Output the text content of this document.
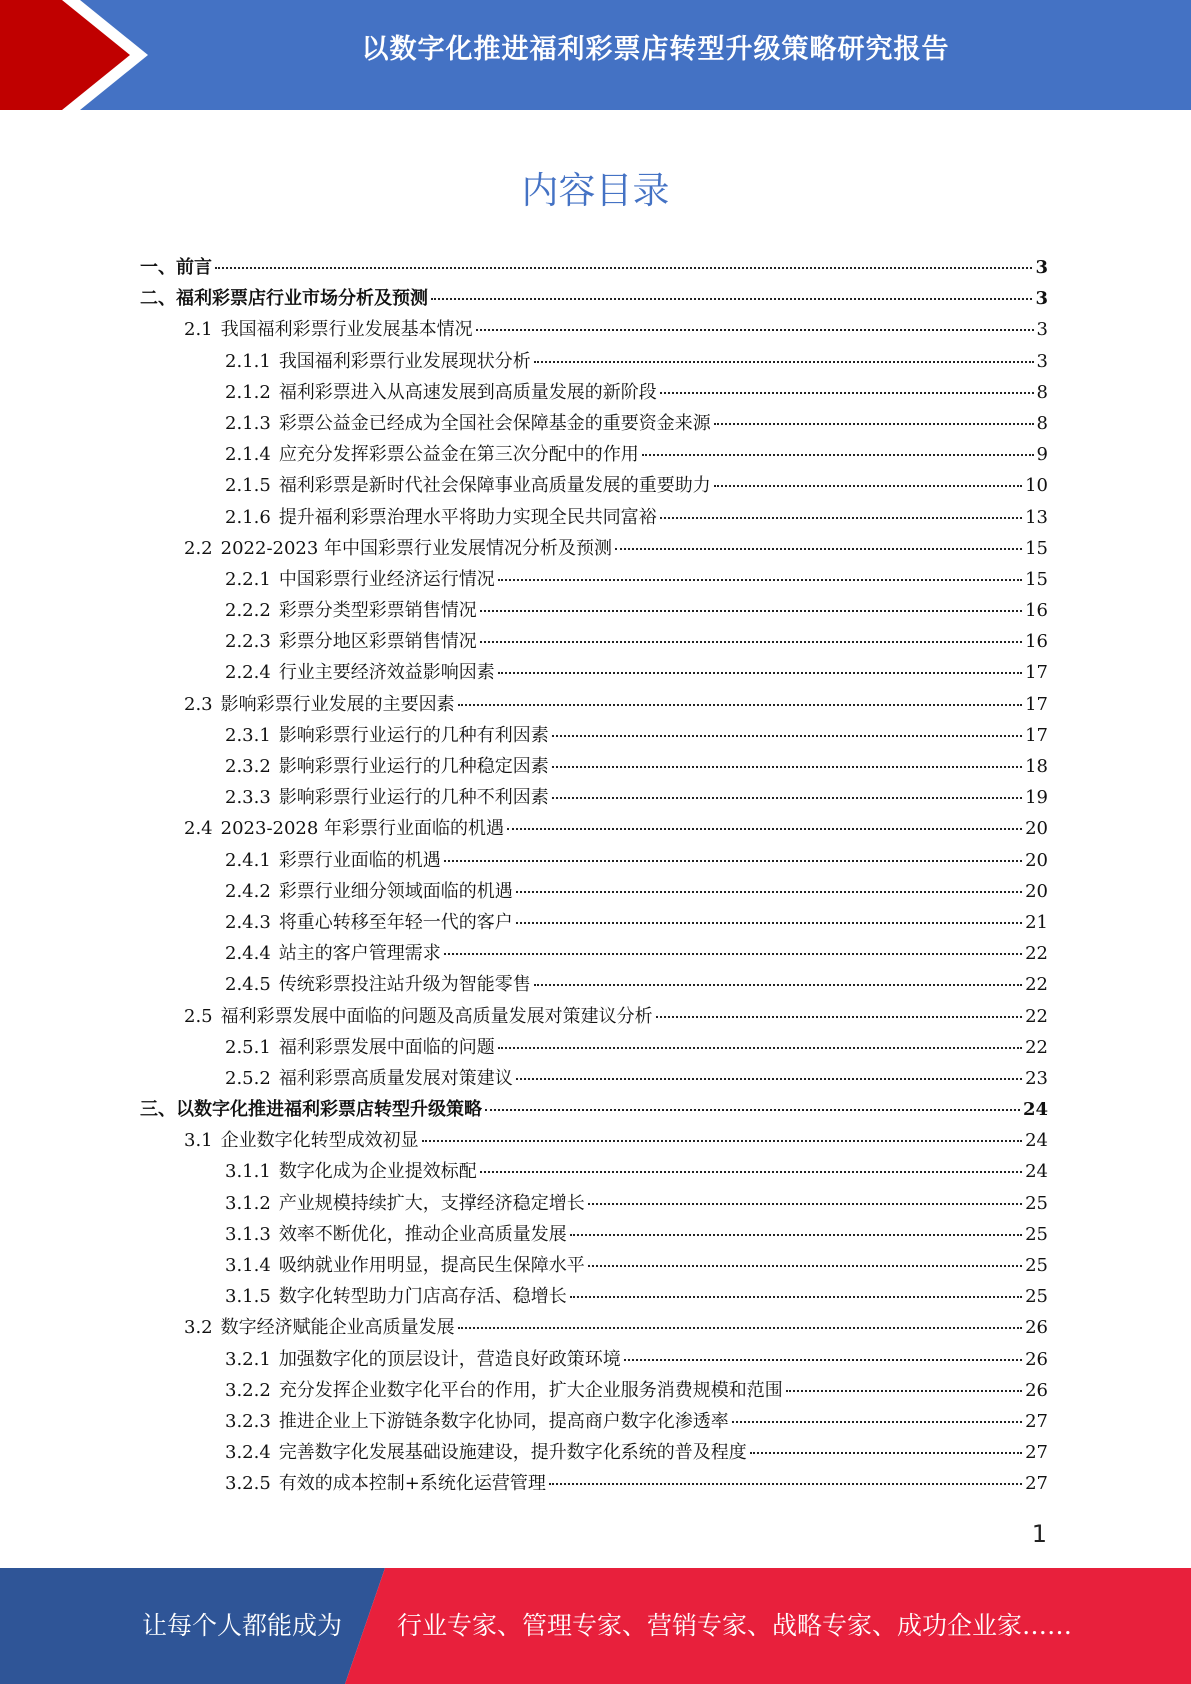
以数字化推进福利彩票店转型升级策略研究报告
内容目录
一、前言	3
二、福利彩票店行业市场分析及预测	3
2.1 我国福利彩票行业发展基本情况	3
2.1.1 我国福利彩票行业发展现状分析	3
2.1.2 福利彩票进入从高速发展到高质量发展的新阶段	8
2.1.3 彩票公益金已经成为全国社会保障基金的重要资金来源	8
2.1.4 应充分发挥彩票公益金在第三次分配中的作用	9
2.1.5 福利彩票是新时代社会保障事业高质量发展的重要助力	10
2.1.6 提升福利彩票治理水平将助力实现全民共同富裕	13
2.2 2022-2023 年中国彩票行业发展情况分析及预测	15
2.2.1 中国彩票行业经济运行情况	15
2.2.2 彩票分类型彩票销售情况	16
2.2.3 彩票分地区彩票销售情况	16
2.2.4 行业主要经济效益影响因素	17
2.3 影响彩票行业发展的主要因素	17
2.3.1 影响彩票行业运行的几种有利因素	17
2.3.2 影响彩票行业运行的几种稳定因素	18
2.3.3 影响彩票行业运行的几种不利因素	19
2.4 2023-2028 年彩票行业面临的机遇	20
2.4.1 彩票行业面临的机遇	20
2.4.2 彩票行业细分领域面临的机遇	20
2.4.3 将重心转移至年轻一代的客户	21
2.4.4 站主的客户管理需求	22
2.4.5 传统彩票投注站升级为智能零售	22
2.5 福利彩票发展中面临的问题及高质量发展对策建议分析	22
2.5.1 福利彩票发展中面临的问题	22
2.5.2 福利彩票高质量发展对策建议	23
三、以数字化推进福利彩票店转型升级策略	24
3.1 企业数字化转型成效初显	24
3.1.1 数字化成为企业提效标配	24
3.1.2 产业规模持续扩大，支撑经济稳定增长	25
3.1.3 效率不断优化，推动企业高质量发展	25
3.1.4 吸纳就业作用明显，提高民生保障水平	25
3.1.5 数字化转型助力门店高存活、稳增长	25
3.2 数字经济赋能企业高质量发展	26
3.2.1 加强数字化的顶层设计，营造良好政策环境	26
3.2.2 充分发挥企业数字化平台的作用，扩大企业服务消费规模和范围	26
3.2.3 推进企业上下游链条数字化协同，提高商户数字化渗透率	27
3.2.4 完善数字化发展基础设施建设，提升数字化系统的普及程度	27
3.2.5 有效的成本控制+系统化运营管理	27
1
让每个人都能成为 行业专家、管理专家、营销专家、战略专家、成功企业家……
